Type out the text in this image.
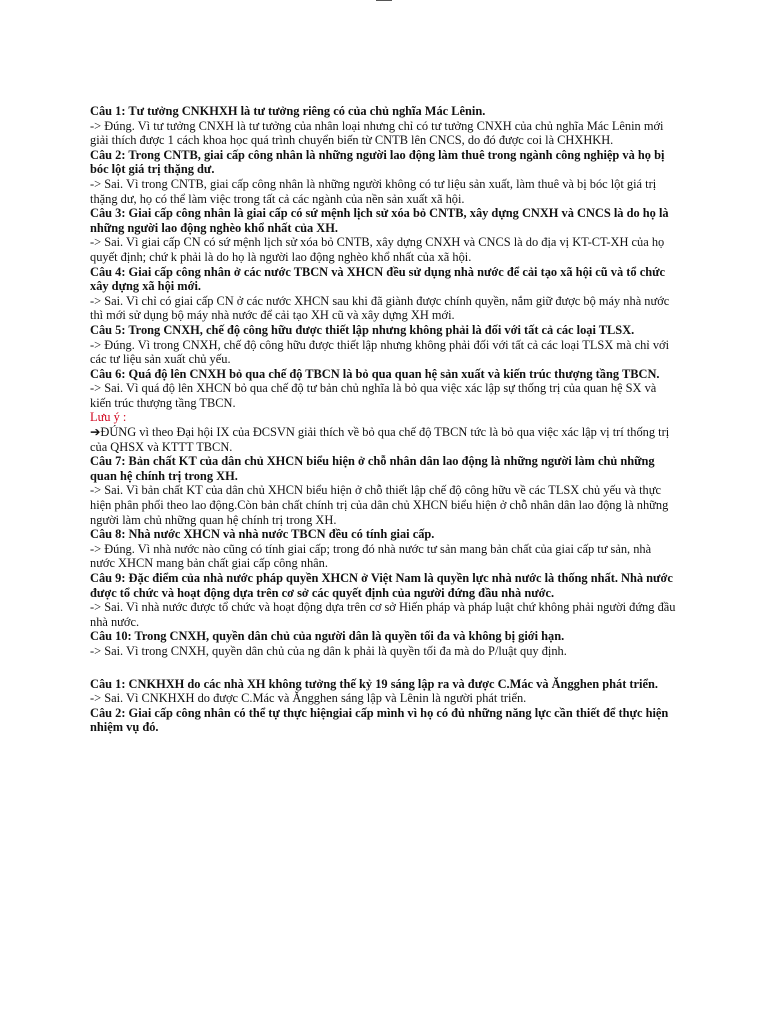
Câu 1: Tư tưởng CNKHXH là tư tưởng riêng có của chủ nghĩa Mác Lênin.

-> Đúng. Vì tư tưởng CNXH là tư tưởng của nhân loại nhưng chỉ có tư tưởng CNXH của chủ nghĩa Mác Lênin mới giải thích được 1 cách khoa học quá trình chuyển biến từ CNTB lên CNCS, do đó được coi là CHXHKH.

Câu 2: Trong CNTB, giai cấp công nhân là những người lao động làm thuê trong ngành công nghiệp và họ bị bóc lột giá trị thặng dư.

-> Sai. Vì trong CNTB, giai cấp công nhân là những người không có tư liệu sản xuất, làm thuê và bị bóc lột giá trị thặng dư, họ có thể làm việc trong tất cả các ngành của nền sản xuất xã hội.

Câu 3: Giai cấp công nhân là giai cấp có sứ mệnh lịch sử xóa bỏ CNTB, xây dựng CNXH và CNCS là do họ là những người lao động nghèo khổ nhất của XH.

-> Sai. Vì giai cấp CN có sứ mệnh lịch sử xóa bỏ CNTB, xây dựng CNXH và CNCS là do địa vị KT-CT-XH của họ quyết định; chứ k phải là do họ là người lao động nghèo khổ nhất của xã hội.

Câu 4: Giai cấp công nhân ở các nước TBCN và XHCN đều sử dụng nhà nước để cải tạo xã hội cũ và tổ chức xây dựng xã hội mới.

-> Sai. Vì chỉ có giai cấp CN ở các nước XHCN sau khi đã giành được chính quyền, nắm giữ được bộ máy nhà nước thì mới sử dụng bộ máy nhà nước để cải tạo XH cũ và xây dựng XH mới.

Câu 5: Trong CNXH, chế độ công hữu được thiết lập nhưng không phải là đối với tất cả các loại TLSX.

-> Đúng. Vì trong CNXH, chế độ công hữu được thiết lập nhưng không phải đối với tất cả các loại TLSX mà chỉ với các tư liệu sản xuất chủ yếu.

Câu 6: Quá độ lên CNXH bỏ qua chế độ TBCN là bỏ qua quan hệ sản xuất và kiến trúc thượng tầng TBCN.

-> Sai. Vì quá độ lên XHCN bỏ qua chế độ tư bản chủ nghĩa là bỏ qua việc xác lập sự thống trị của quan hệ SX và kiến trúc thượng tầng TBCN.

Lưu ý :

➔ĐÚNG vì theo Đại hội IX của ĐCSVN giải thích về bỏ qua chế độ TBCN tức là bỏ qua việc xác lập vị trí thống trị của QHSX và KTTT TBCN.

Câu 7: Bản chất KT của dân chủ XHCN biểu hiện ở chỗ nhân dân lao động là những người làm chủ những quan hệ chính trị trong XH.

-> Sai. Vì bản chất KT của dân chủ XHCN biểu hiện ở chỗ thiết lập chế độ công hữu về các TLSX chủ yếu và thực hiện phân phối theo lao động.Còn bản chất chính trị của dân chủ XHCN biểu hiện ở chỗ nhân dân lao động là những người làm chủ những quan hệ chính trị trong XH.

Câu 8: Nhà nước XHCN và nhà nước TBCN đều có tính giai cấp.

-> Đúng. Vì nhà nước nào cũng có tính giai cấp; trong đó nhà nước tư sản mang bản chất của giai cấp tư sản, nhà nước XHCN mang bản chất giai cấp công nhân.

Câu 9: Đặc điểm của nhà nước pháp quyền XHCN ở Việt Nam là quyền lực nhà nước là thống nhất. Nhà nước được tổ chức và hoạt động dựa trên cơ sở các quyết định của người đứng đầu nhà nước.

-> Sai. Vì nhà nước được tổ chức và hoạt động dựa trên cơ sở Hiến pháp và pháp luật chứ không phải người đứng đầu nhà nước.

Câu 10: Trong CNXH, quyền dân chủ của người dân là quyền tối đa và không bị giới hạn.

-> Sai. Vì trong CNXH, quyền dân chủ của ng dân k phải là quyền tối đa mà do P/luật quy định.

Câu 1: CNKHXH do các nhà XH không tưởng thế kỷ 19 sáng lập ra và được C.Mác và Ăngghen phát triển.

-> Sai. Vì CNKHXH do được C.Mác và Ăngghen sáng lập và Lênin là người phát triển.

Câu 2: Giai cấp công nhân có thể tự thực hiệngiai cấp mình vì họ có đủ những năng lực cần thiết để thực hiện nhiệm vụ đó.
